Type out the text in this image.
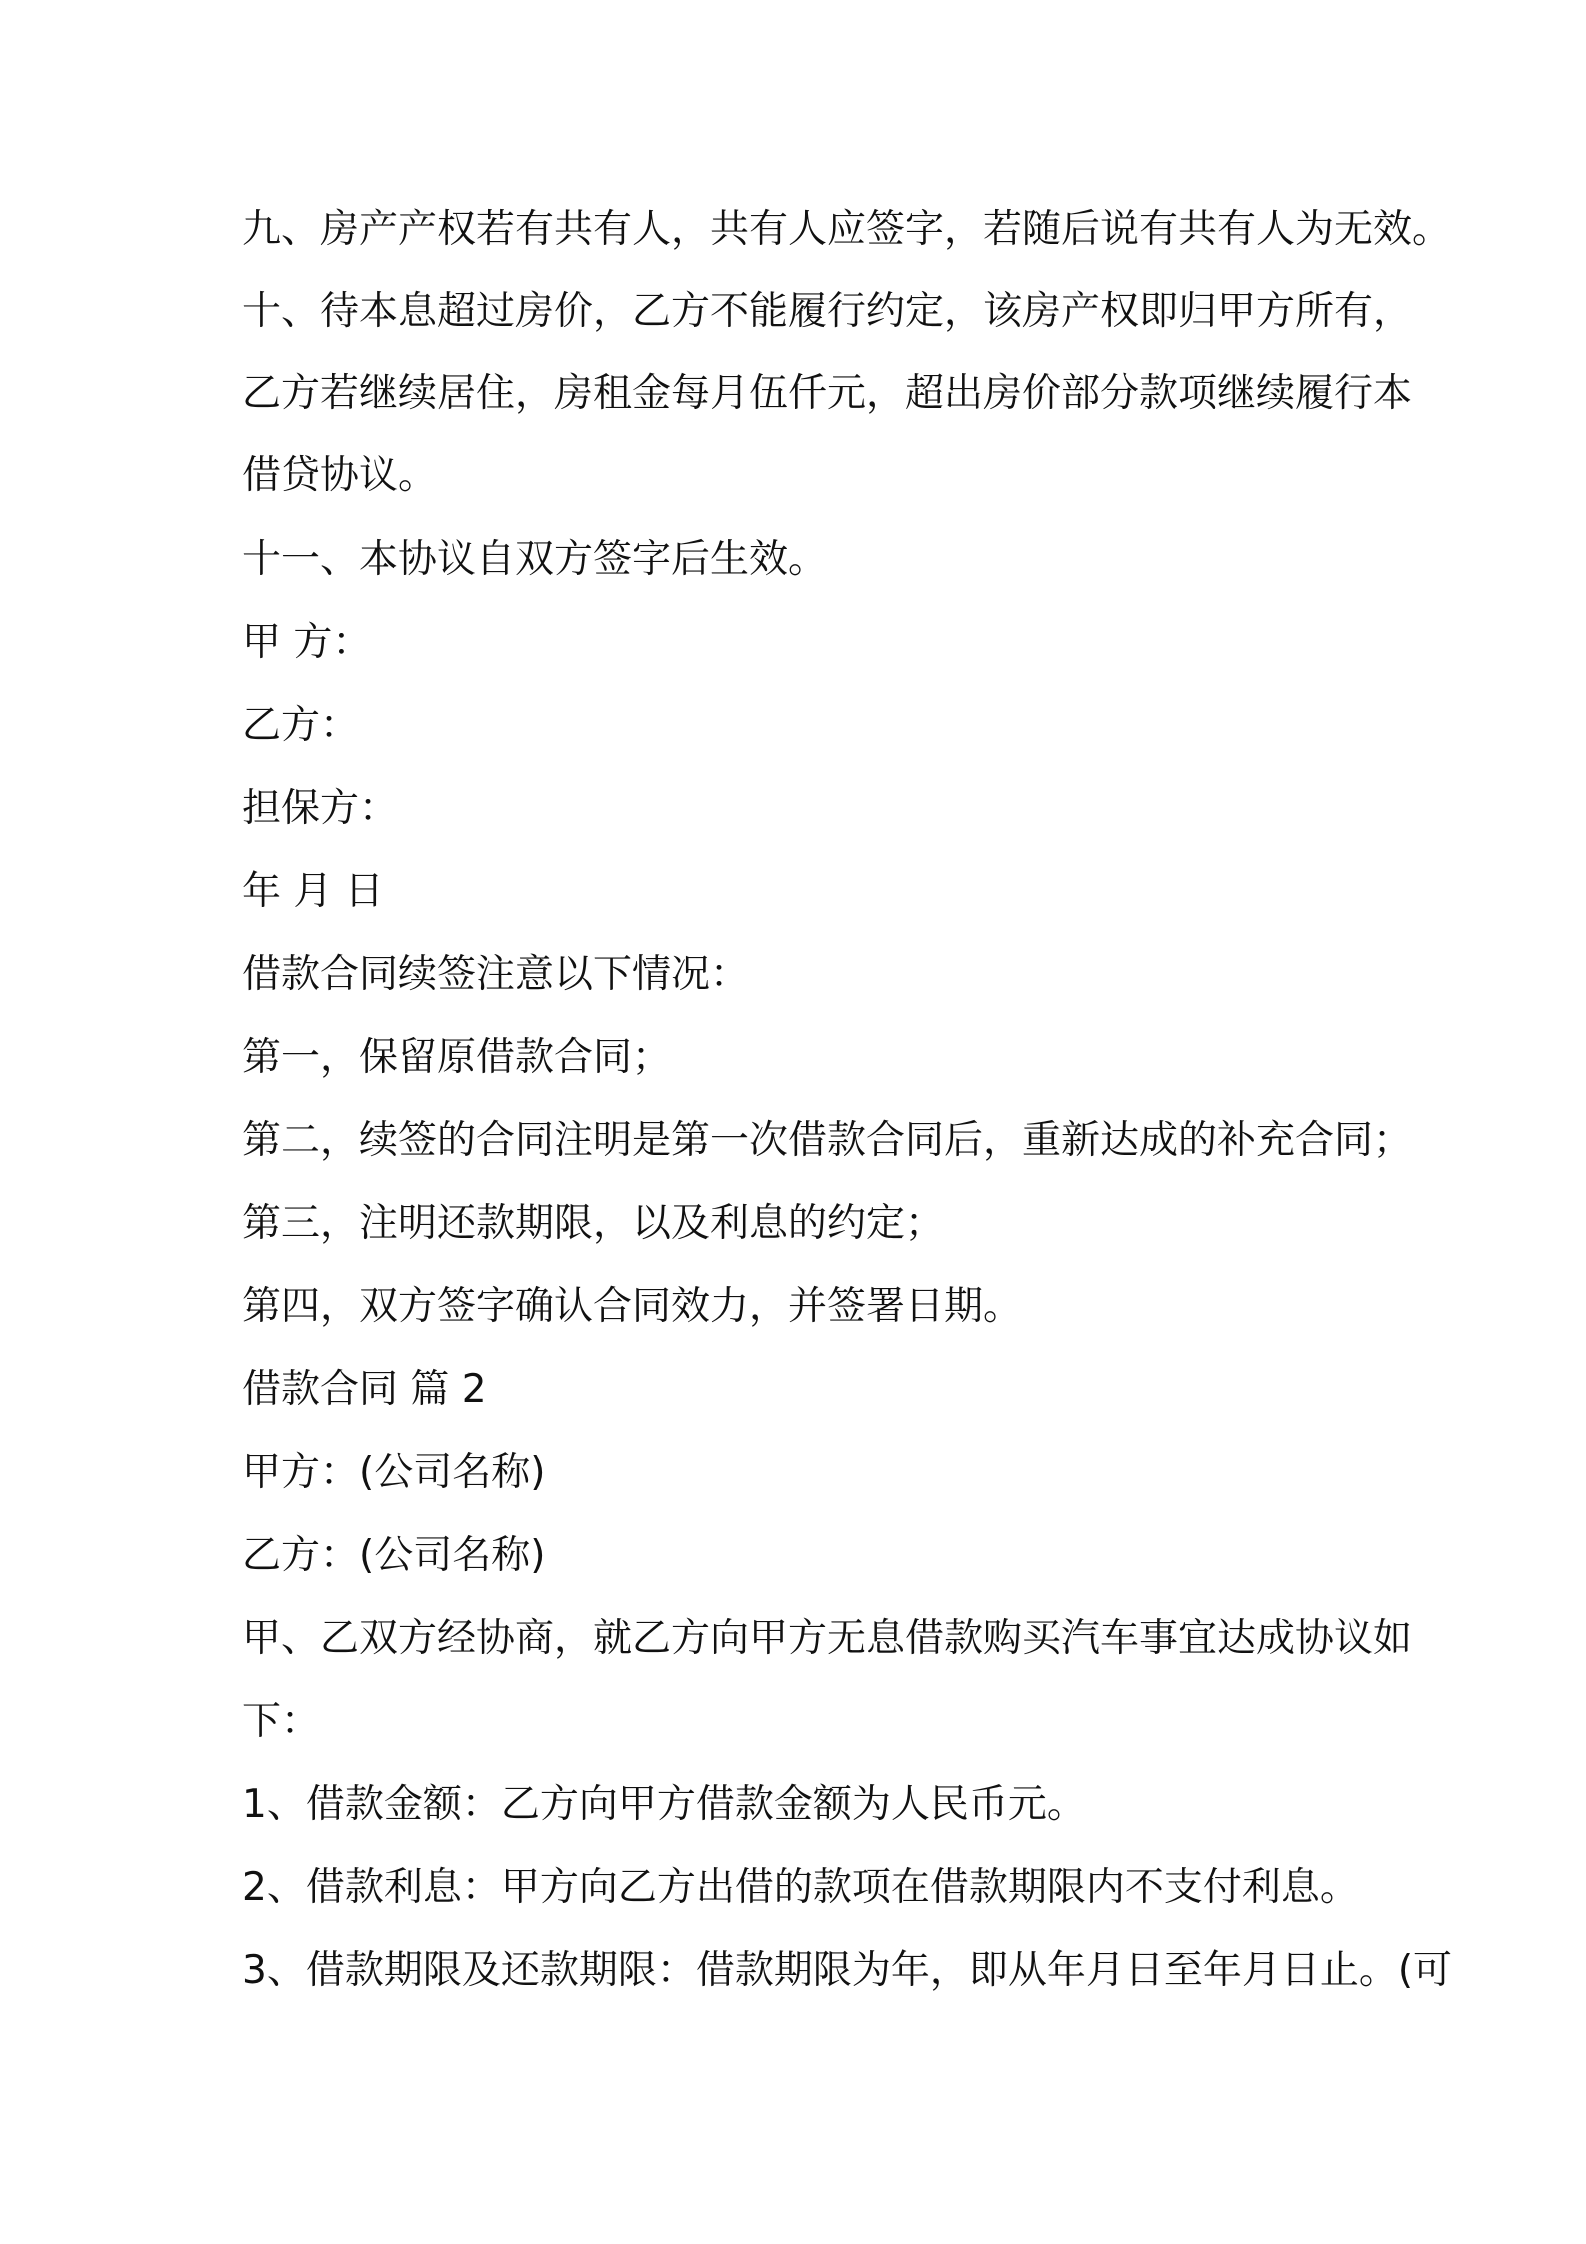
九、房产产权若有共有人，共有人应签字，若随后说有共有人为无效。
十、待本息超过房价，乙方不能履行约定，该房产权即归甲方所有，
乙方若继续居住，房租金每月伍仟元，超出房价部分款项继续履行本
借贷协议。
十一、本协议自双方签字后生效。
甲 方：
乙方：
担保方：
年 月 日
借款合同续签注意以下情况：
第一，保留原借款合同；
第二，续签的合同注明是第一次借款合同后，重新达成的补充合同；
第三，注明还款期限，以及利息的约定；
第四，双方签字确认合同效力，并签署日期。
借款合同 篇 2
甲方：(公司名称)
乙方：(公司名称)
甲、乙双方经协商，就乙方向甲方无息借款购买汽车事宜达成协议如
下：
1、借款金额：乙方向甲方借款金额为人民币元。
2、借款利息：甲方向乙方出借的款项在借款期限内不支付利息。
3、借款期限及还款期限：借款期限为年，即从年月日至年月日止。(可
